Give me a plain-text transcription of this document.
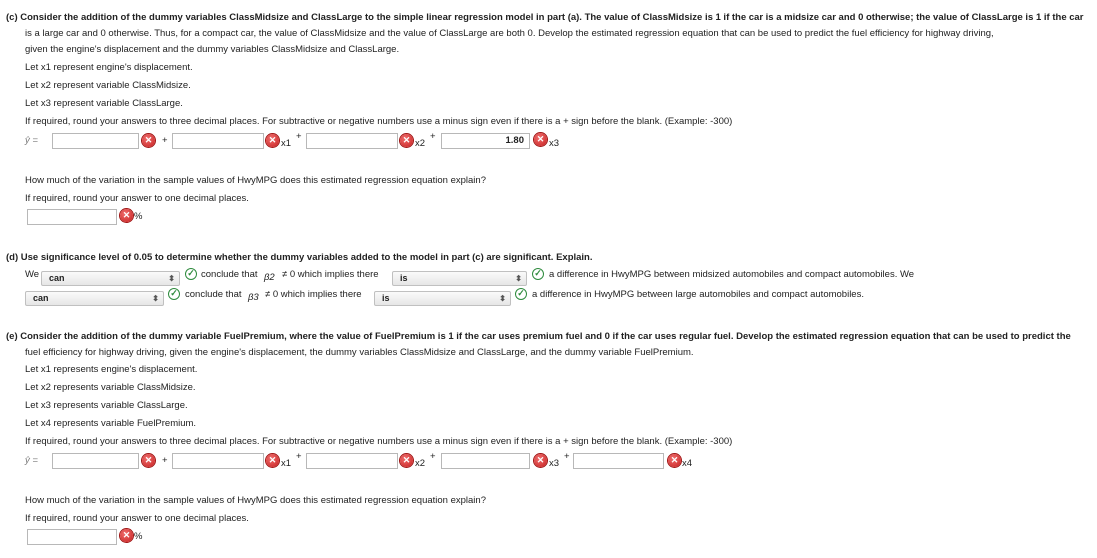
(c) Consider the addition of the dummy variables ClassMidsize and ClassLarge to the simple linear regression model in part (a). The value of ClassMidsize is 1 if the car is a midsize car and 0 otherwise; the value of ClassLarge is 1 if the car
is a large car and 0 otherwise. Thus, for a compact car, the value of ClassMidsize and the value of ClassLarge are both 0. Develop the estimated regression equation that can be used to predict the fuel efficiency for highway driving,
given the engine's displacement and the dummy variables ClassMidsize and ClassLarge.
Let x1 represent engine's displacement.
Let x2 represent variable ClassMidsize.
Let x3 represent variable ClassLarge.
If required, round your answers to three decimal places. For subtractive or negative numbers use a minus sign even if there is a + sign before the blank. (Example: -300)
ŷ =	✕ +	✕ x1
+	✕ x2
+	1.80	✕ x3
How much of the variation in the sample values of HwyMPG does this estimated regression equation explain?
If required, round your answer to one decimal places.
✕ %
(d) Use significance level of 0.05 to determine whether the dummy variables added to the model in part (c) are significant. Explain.
We	can	⬍
✓ conclude that β2 ≠ 0 which implies there	is	⬍
✓ a difference in HwyMPG between midsized automobiles and compact automobiles. We
can	⬍
✓ conclude that β3 ≠ 0 which implies there	is	⬍
✓ a difference in HwyMPG between large automobiles and compact automobiles.
(e) Consider the addition of the dummy variable FuelPremium, where the value of FuelPremium is 1 if the car uses premium fuel and 0 if the car uses regular fuel. Develop the estimated regression equation that can be used to predict the
fuel efficiency for highway driving, given the engine's displacement, the dummy variables ClassMidsize and ClassLarge, and the dummy variable FuelPremium.
Let x1 represents engine's displacement.
Let x2 represents variable ClassMidsize.
Let x3 represents variable ClassLarge.
Let x4 represents variable FuelPremium.
If required, round your answers to three decimal places. For subtractive or negative numbers use a minus sign even if there is a + sign before the blank. (Example: -300)
ŷ =	✕ +	✕ x1
+	✕ x2
+	✕ x3
+	✕ x4
How much of the variation in the sample values of HwyMPG does this estimated regression equation explain?
If required, round your answer to one decimal places.
✕ %
